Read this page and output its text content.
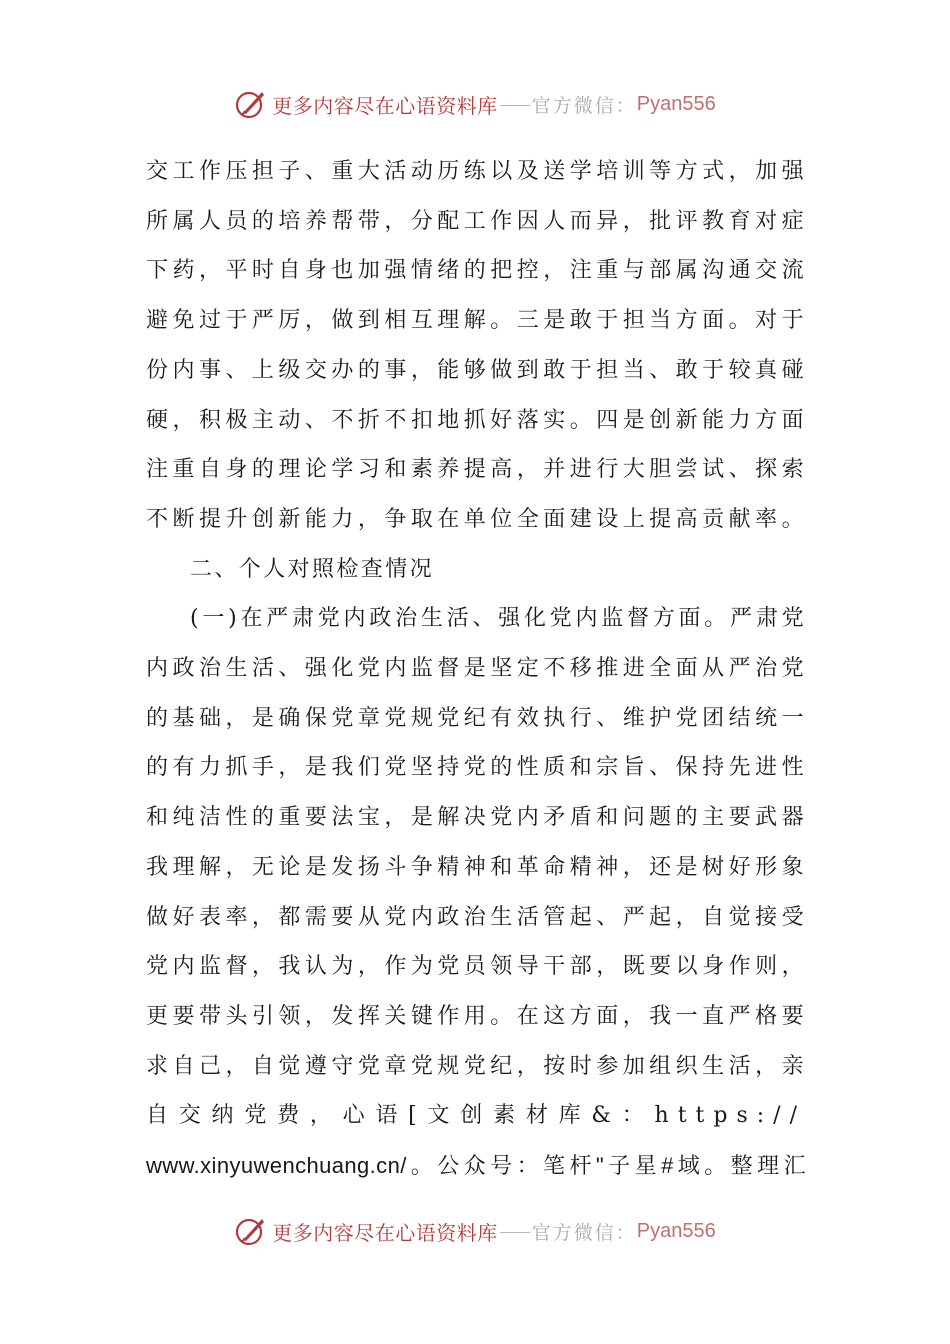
更多内容尽在心语资料库 官方微信： Pyan556

交工作压担子、重大活动历练以及送学培训等方式，加强

所属人员的培养帮带，分配工作因人而异，批评教育对症

下药，平时自身也加强情绪的把控，注重与部属沟通交流

避免过于严厉，做到相互理解。三是敢于担当方面。对于

份内事、上级交办的事，能够做到敢于担当、敢于较真碰

硬，积极主动、不折不扣地抓好落实。四是创新能力方面

注重自身的理论学习和素养提高，并进行大胆尝试、探索

不断提升创新能力，争取在单位全面建设上提高贡献率。

二、个人对照检查情况

(一)在严肃党内政治生活、强化党内监督方面。严肃党

内政治生活、强化党内监督是坚定不移推进全面从严治党

的基础，是确保党章党规党纪有效执行、维护党团结统一

的有力抓手，是我们党坚持党的性质和宗旨、保持先进性

和纯洁性的重要法宝，是解决党内矛盾和问题的主要武器

我理解，无论是发扬斗争精神和革命精神，还是树好形象

做好表率，都需要从党内政治生活管起、严起，自觉接受

党内监督，我认为，作为党员领导干部，既要以身作则，

更要带头引领，发挥关键作用。在这方面，我一直严格要

求自己，自觉遵守党章党规党纪，按时参加组织生活，亲

自交纳党费，心语[文创素材库&：https://

www.xinyuwenchuang.cn/。公众号：笔杆"子星#域。整理汇

更多内容尽在心语资料库 官方微信： Pyan556
